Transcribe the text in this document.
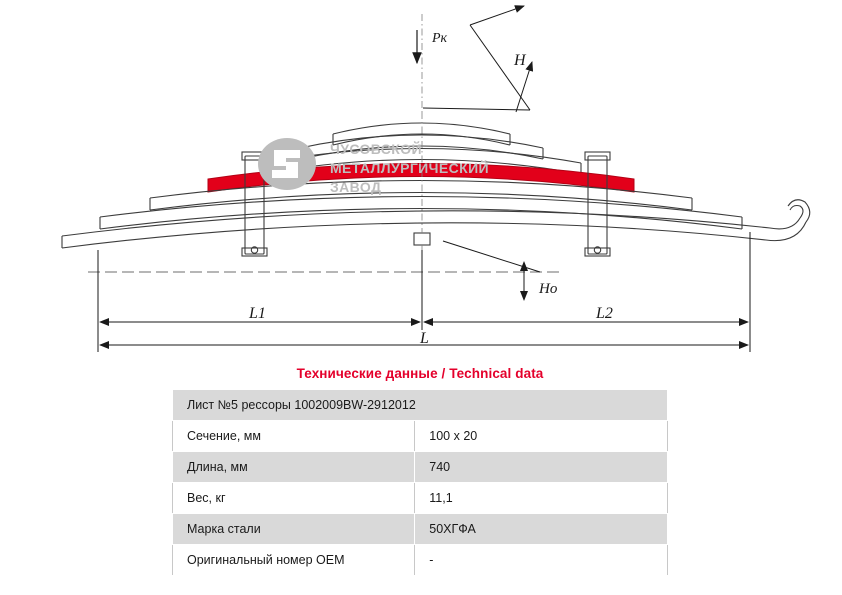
ЧУСОВСКОЙ
МЕТАЛЛУРГИЧЕСКИЙ
ЗАВОД
Pк
H
Hо
L1	L2
L
Технические данные / Technical data
Лист №5 рессоры 1002009BW-2912012	
Сечение, мм	100 x 20
Длина, мм	740
Вес, кг	11,1
Марка стали	50ХГФА
Оригинальный номер OEM	-
